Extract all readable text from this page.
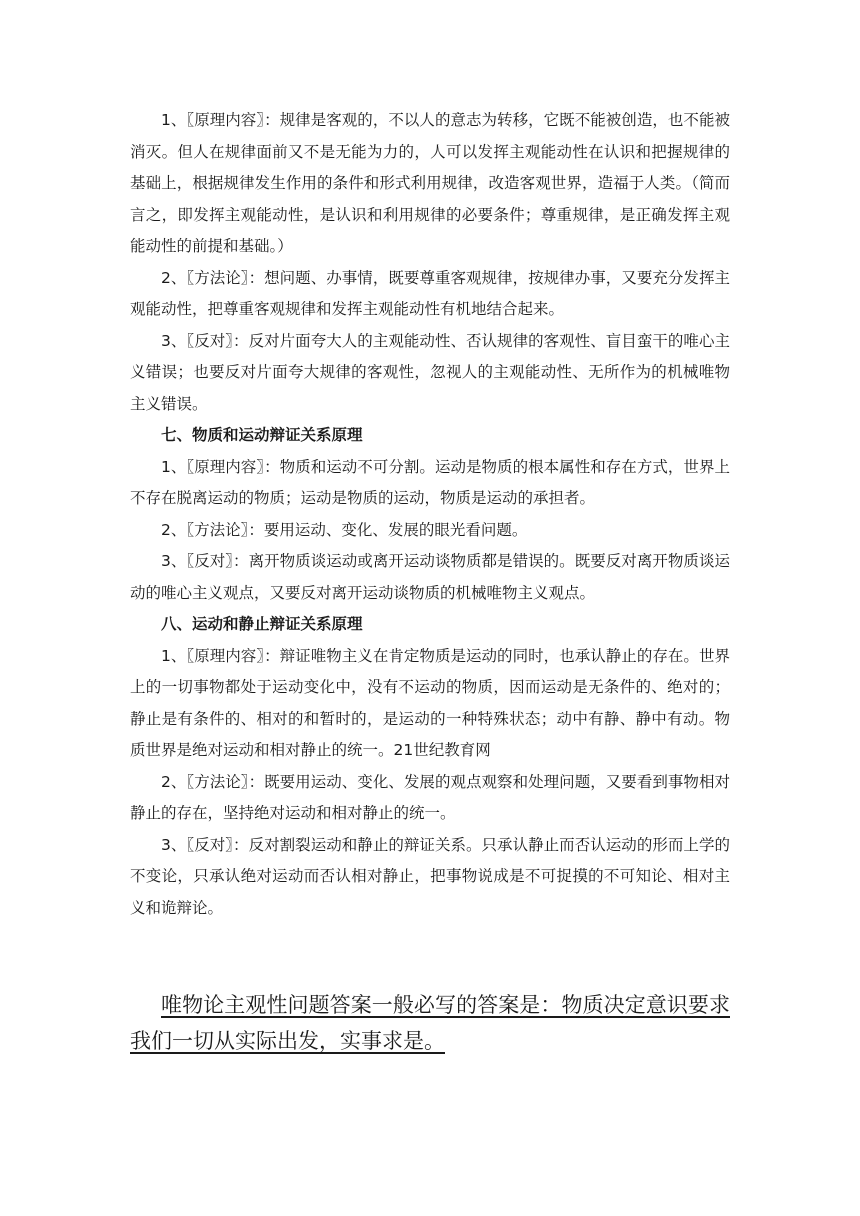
1、〖原理内容〗：规律是客观的，不以人的意志为转移，它既不能被创造，也不能被消灭。但人在规律面前又不是无能为力的，人可以发挥主观能动性在认识和把握规律的基础上，根据规律发生作用的条件和形式利用规律，改造客观世界，造福于人类。（简而言之，即发挥主观能动性，是认识和利用规律的必要条件；尊重规律，是正确发挥主观能动性的前提和基础。）

2、〖方法论〗：想问题、办事情，既要尊重客观规律，按规律办事，又要充分发挥主观能动性，把尊重客观规律和发挥主观能动性有机地结合起来。

3、〖反对〗：反对片面夸大人的主观能动性、否认规律的客观性、盲目蛮干的唯心主义错误；也要反对片面夸大规律的客观性，忽视人的主观能动性、无所作为的机械唯物主义错误。

七、物质和运动辩证关系原理

1、〖原理内容〗：物质和运动不可分割。运动是物质的根本属性和存在方式，世界上不存在脱离运动的物质；运动是物质的运动，物质是运动的承担者。

2、〖方法论〗：要用运动、变化、发展的眼光看问题。

3、〖反对〗：离开物质谈运动或离开运动谈物质都是错误的。既要反对离开物质谈运动的唯心主义观点，又要反对离开运动谈物质的机械唯物主义观点。

八、运动和静止辩证关系原理

1、〖原理内容〗：辩证唯物主义在肯定物质是运动的同时，也承认静止的存在。世界上的一切事物都处于运动变化中，没有不运动的物质，因而运动是无条件的、绝对的；静止是有条件的、相对的和暂时的，是运动的一种特殊状态；动中有静、静中有动。物质世界是绝对运动和相对静止的统一。21世纪教育网

2、〖方法论〗：既要用运动、变化、发展的观点观察和处理问题，又要看到事物相对静止的存在，坚持绝对运动和相对静止的统一。

3、〖反对〗：反对割裂运动和静止的辩证关系。只承认静止而否认运动的形而上学的不变论，只承认绝对运动而否认相对静止，把事物说成是不可捉摸的不可知论、相对主义和诡辩论。

唯物论主观性问题答案一般必写的答案是：物质决定意识要求我们一切从实际出发，实事求是。
